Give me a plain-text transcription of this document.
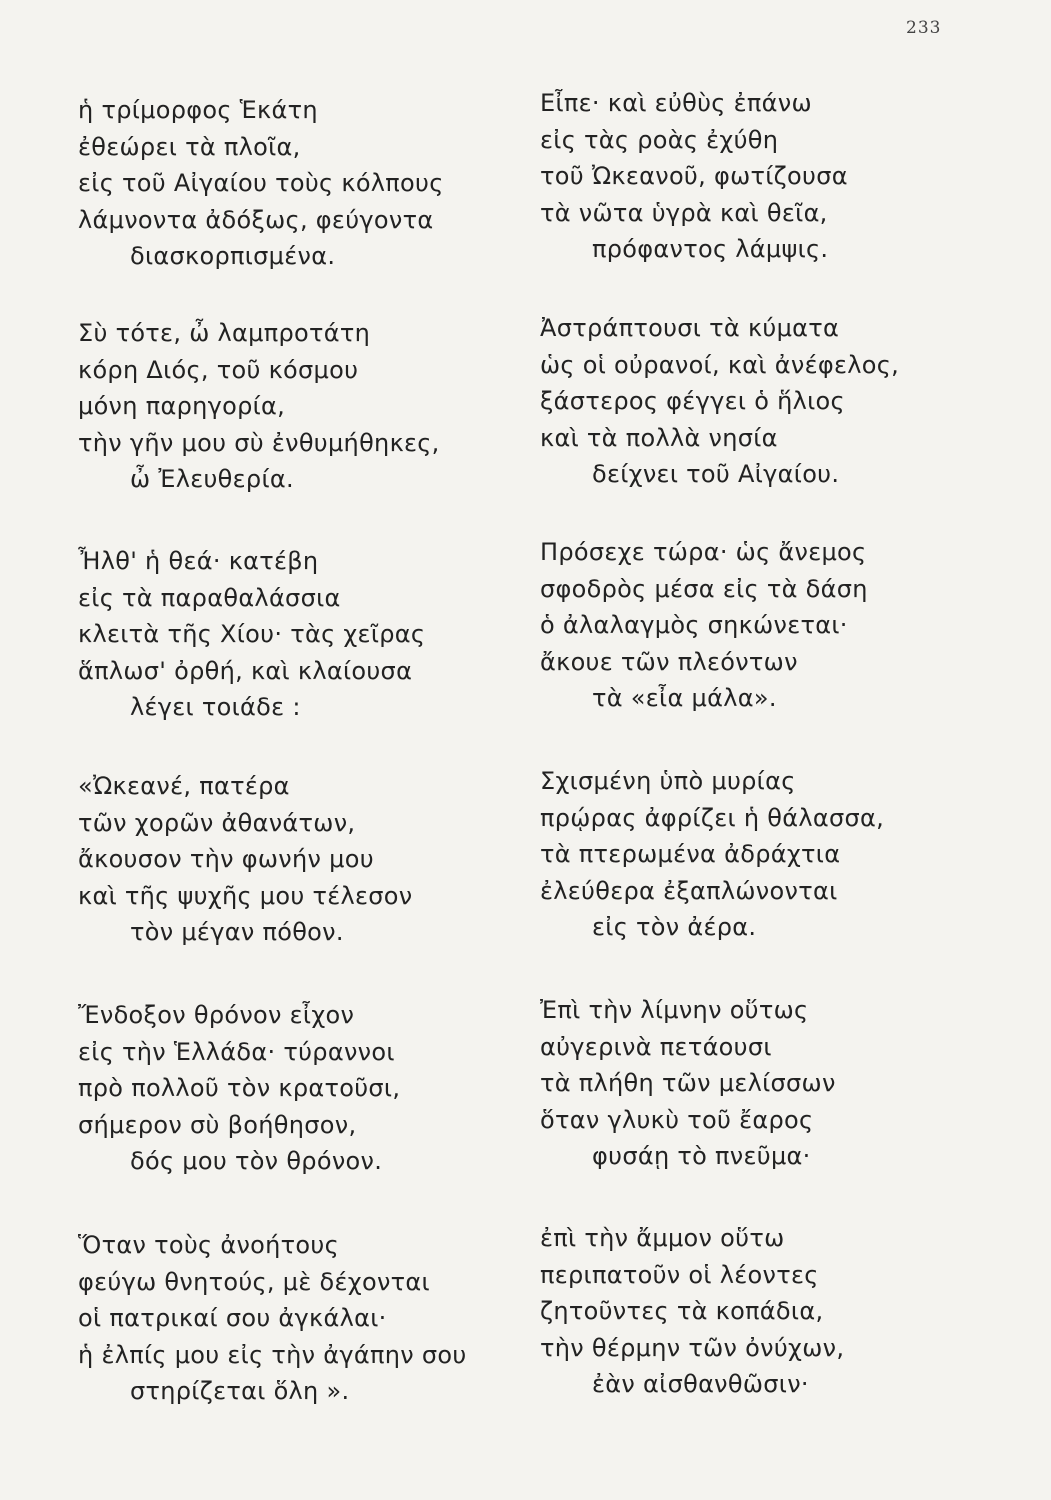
233
ἡ τρίμορφος Ἑκάτη
ἐθεώρει τὰ πλοῖα,
εἰς τοῦ Αἰγαίου τοὺς κόλπους
λάμνοντα ἀδόξως, φεύγοντα
διασκορπισμένα.
Σὺ τότε, ὦ λαμπροτάτη
κόρη Διός, τοῦ κόσμου
μόνη παρηγορία,
τὴν γῆν μου σὺ ἐνθυμήθηκες,
ὦ Ἐλευθερία.
Ἦλθ' ἡ θεά· κατέβη
εἰς τὰ παραθαλάσσια
κλειτὰ τῆς Χίου· τὰς χεῖρας
ἅπλωσ' ὀρθή, καὶ κλαίουσα
λέγει τοιάδε :
«Ὠκεανέ, πατέρα
τῶν χορῶν ἀθανάτων,
ἄκουσον τὴν φωνήν μου
καὶ τῆς ψυχῆς μου τέλεσον
τὸν μέγαν πόθον.
Ἔνδοξον θρόνον εἶχον
εἰς τὴν Ἑλλάδα· τύραννοι
πρὸ πολλοῦ τὸν κρατοῦσι,
σήμερον σὺ βοήθησον,
δός μου τὸν θρόνον.
Ὅταν τοὺς ἀνοήτους
φεύγω θνητούς, μὲ δέχονται
οἱ πατρικαί σου ἀγκάλαι·
ἡ ἐλπίς μου εἰς τὴν ἀγάπην σου
στηρίζεται ὅλη ».
Εἶπε· καὶ εὐθὺς ἐπάνω
εἰς τὰς ροὰς ἐχύθη
τοῦ Ὠκεανοῦ, φωτίζουσα
τὰ νῶτα ὑγρὰ καὶ θεῖα,
πρόφαντος λάμψις.
Ἀστράπτουσι τὰ κύματα
ὡς οἱ οὐρανοί, καὶ ἀνέφελος,
ξάστερος φέγγει ὁ ἥλιος
καὶ τὰ πολλὰ νησία
δείχνει τοῦ Αἰγαίου.
Πρόσεχε τώρα· ὡς ἄνεμος
σφοδρὸς μέσα εἰς τὰ δάση
ὁ ἀλαλαγμὸς σηκώνεται·
ἄκουε τῶν πλεόντων
τὰ «εἶα μάλα».
Σχισμένη ὑπὸ μυρίας
πρῴρας ἀφρίζει ἡ θάλασσα,
τὰ πτερωμένα ἀδράχτια
ἐλεύθερα ἐξαπλώνονται
εἰς τὸν ἀέρα.
Ἐπὶ τὴν λίμνην οὕτως
αὐγερινὰ πετάουσι
τὰ πλήθη τῶν μελίσσων
ὅταν γλυκὺ τοῦ ἔαρος
φυσάῃ τὸ πνεῦμα·
ἐπὶ τὴν ἄμμον οὕτω
περιπατοῦν οἱ λέοντες
ζητοῦντες τὰ κοπάδια,
τὴν θέρμην τῶν ὀνύχων,
ἐὰν αἰσθανθῶσιν·
